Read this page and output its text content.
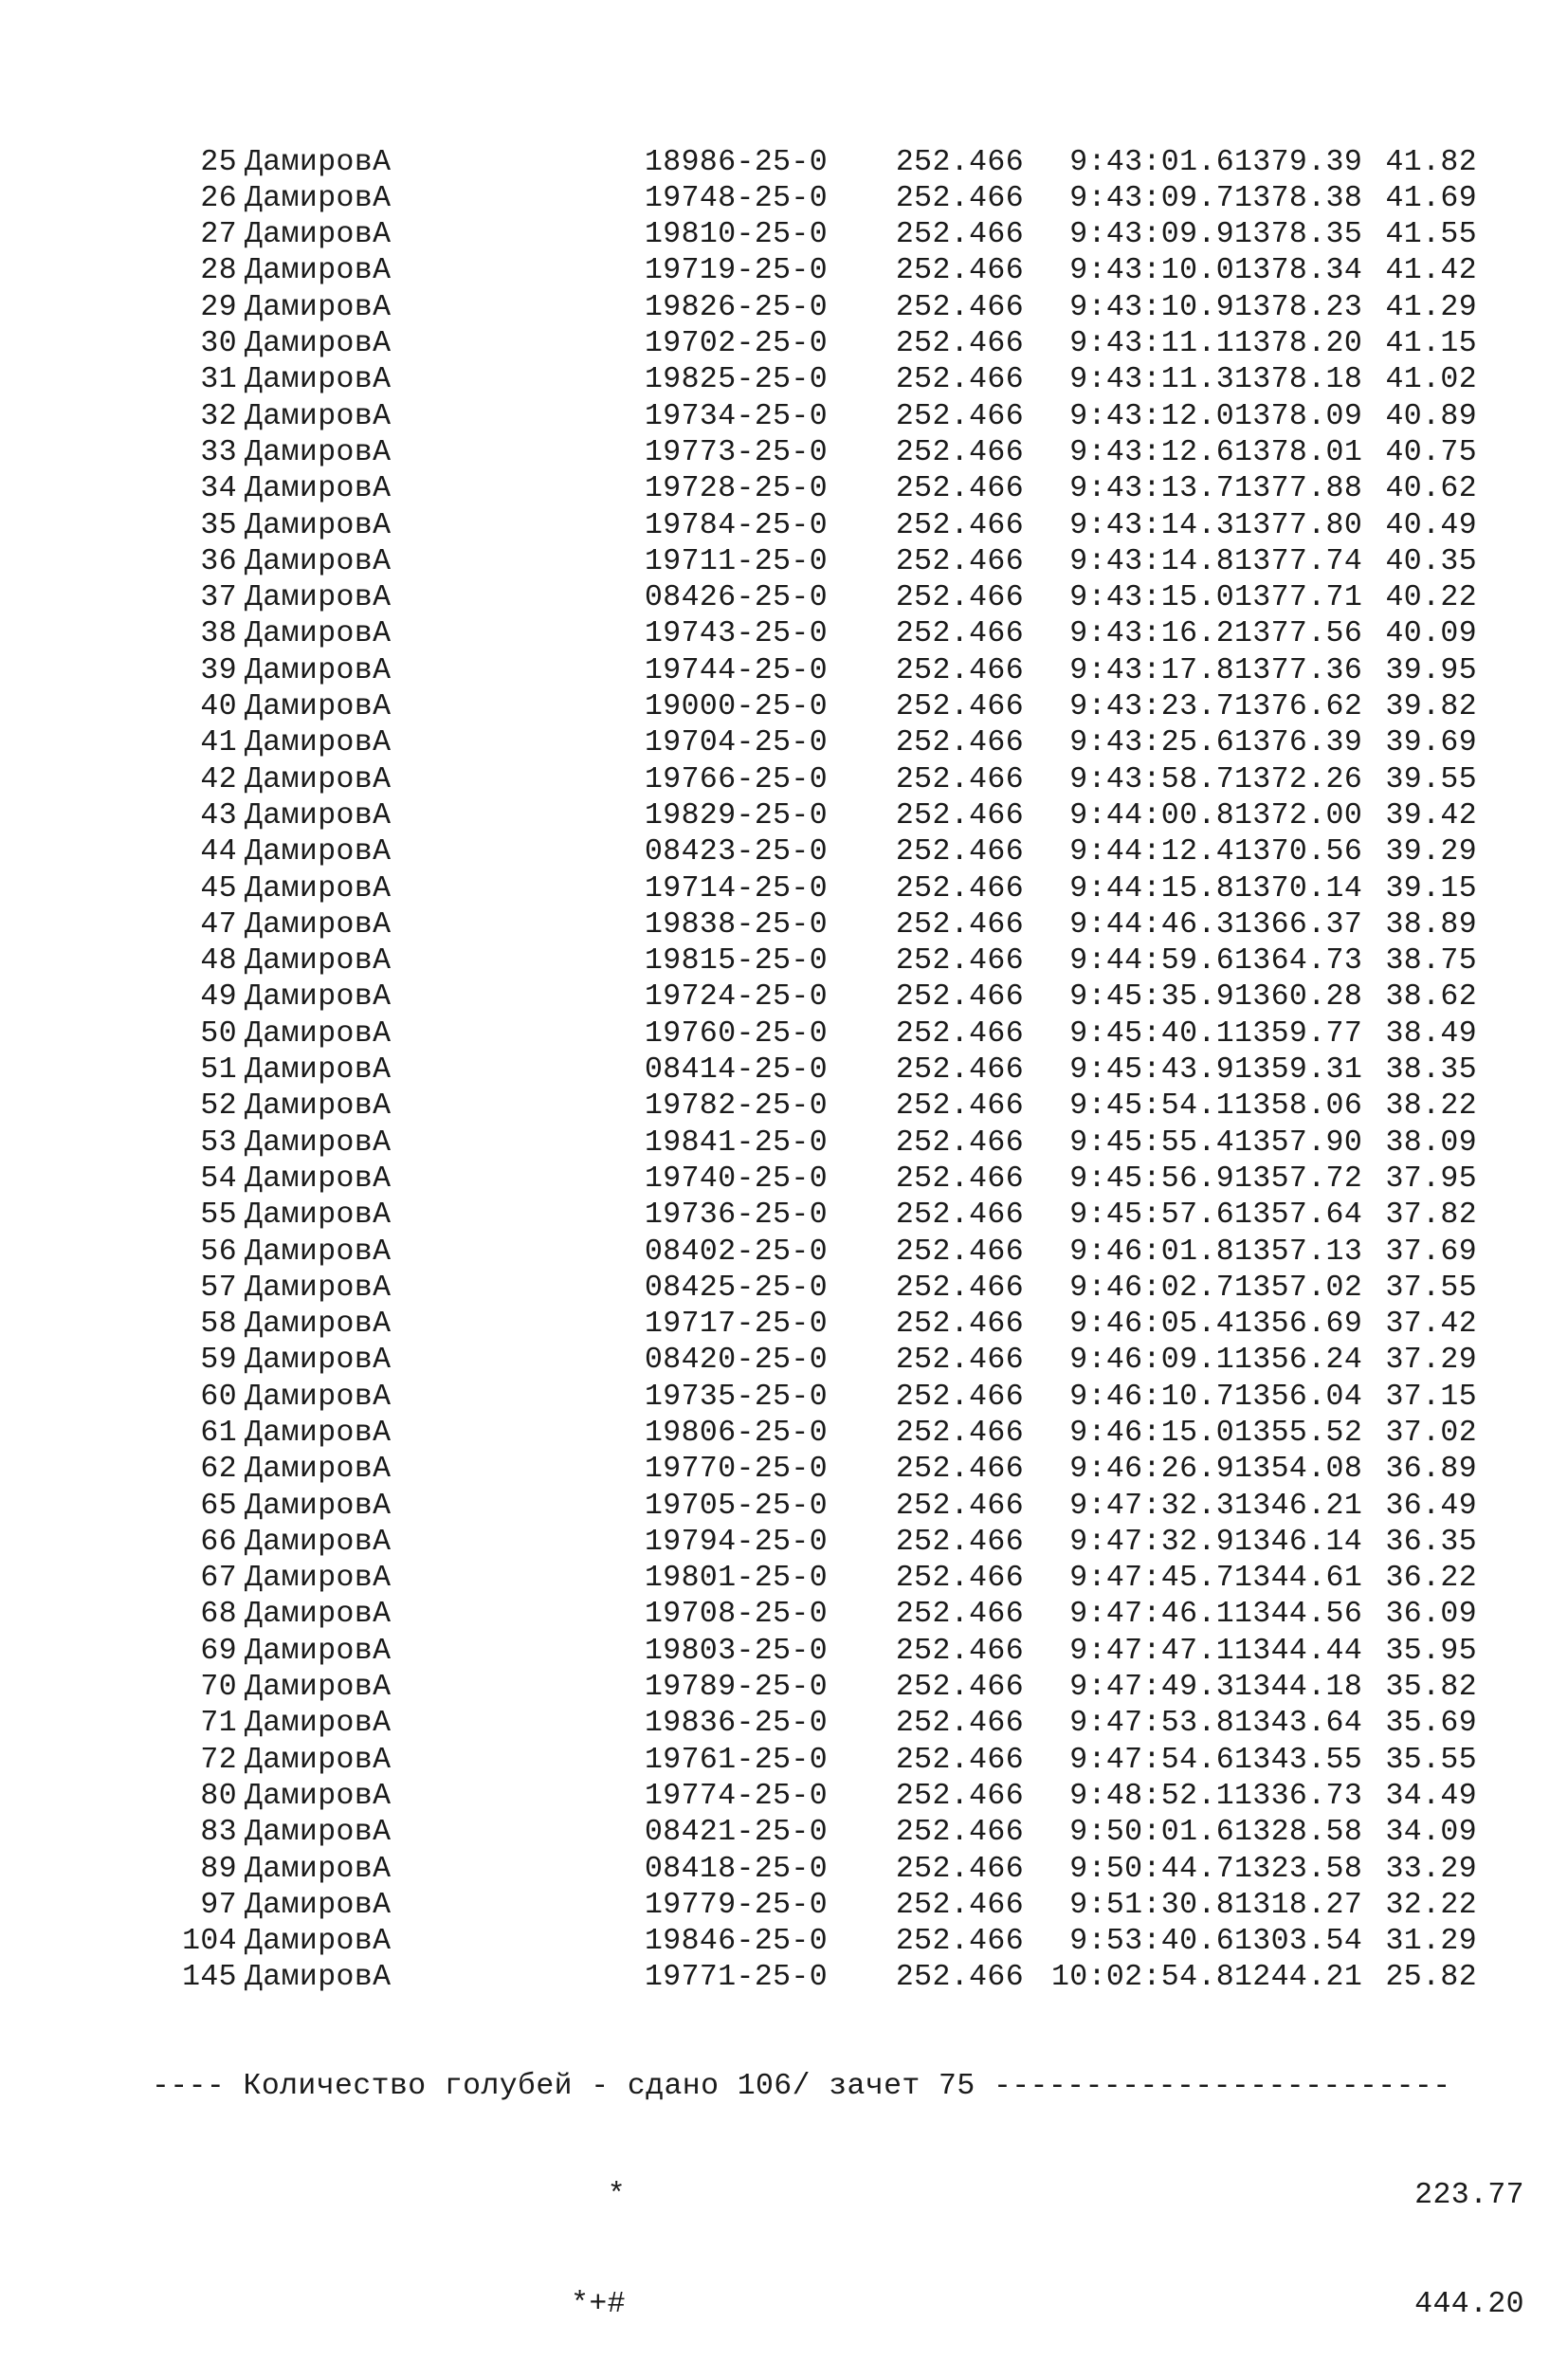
25 ДамировА	18986-25-0 252.466 9:43:01.61379.39 41.82
26 ДамировА	19748-25-0 252.466 9:43:09.71378.38 41.69
27 ДамировА	19810-25-0 252.466 9:43:09.91378.35 41.55
28 ДамировА	19719-25-0 252.466 9:43:10.01378.34 41.42
29 ДамировА	19826-25-0 252.466 9:43:10.91378.23 41.29
30 ДамировА	19702-25-0 252.466 9:43:11.11378.20 41.15
31 ДамировА	19825-25-0 252.466 9:43:11.31378.18 41.02
32 ДамировА	19734-25-0 252.466 9:43:12.01378.09 40.89
33 ДамировА	19773-25-0 252.466 9:43:12.61378.01 40.75
34 ДамировА	19728-25-0 252.466 9:43:13.71377.88 40.62
35 ДамировА	19784-25-0 252.466 9:43:14.31377.80 40.49
36 ДамировА	19711-25-0 252.466 9:43:14.81377.74 40.35
37 ДамировА	08426-25-0 252.466 9:43:15.01377.71 40.22
38 ДамировА	19743-25-0 252.466 9:43:16.21377.56 40.09
39 ДамировА	19744-25-0 252.466 9:43:17.81377.36 39.95
40 ДамировА	19000-25-0 252.466 9:43:23.71376.62 39.82
41 ДамировА	19704-25-0 252.466 9:43:25.61376.39 39.69
42 ДамировА	19766-25-0 252.466 9:43:58.71372.26 39.55
43 ДамировА	19829-25-0 252.466 9:44:00.81372.00 39.42
44 ДамировА	08423-25-0 252.466 9:44:12.41370.56 39.29
45 ДамировА	19714-25-0 252.466 9:44:15.81370.14 39.15
47 ДамировА	19838-25-0 252.466 9:44:46.31366.37 38.89
48 ДамировА	19815-25-0 252.466 9:44:59.61364.73 38.75
49 ДамировА	19724-25-0 252.466 9:45:35.91360.28 38.62
50 ДамировА	19760-25-0 252.466 9:45:40.11359.77 38.49
51 ДамировА	08414-25-0 252.466 9:45:43.91359.31 38.35
52 ДамировА	19782-25-0 252.466 9:45:54.11358.06 38.22
53 ДамировА	19841-25-0 252.466 9:45:55.41357.90 38.09
54 ДамировА	19740-25-0 252.466 9:45:56.91357.72 37.95
55 ДамировА	19736-25-0 252.466 9:45:57.61357.64 37.82
56 ДамировА	08402-25-0 252.466 9:46:01.81357.13 37.69
57 ДамировА	08425-25-0 252.466 9:46:02.71357.02 37.55
58 ДамировА	19717-25-0 252.466 9:46:05.41356.69 37.42
59 ДамировА	08420-25-0 252.466 9:46:09.11356.24 37.29
60 ДамировА	19735-25-0 252.466 9:46:10.71356.04 37.15
61 ДамировА	19806-25-0 252.466 9:46:15.01355.52 37.02
62 ДамировА	19770-25-0 252.466 9:46:26.91354.08 36.89
65 ДамировА	19705-25-0 252.466 9:47:32.31346.21 36.49
66 ДамировА	19794-25-0 252.466 9:47:32.91346.14 36.35
67 ДамировА	19801-25-0 252.466 9:47:45.71344.61 36.22
68 ДамировА	19708-25-0 252.466 9:47:46.11344.56 36.09
69 ДамировА	19803-25-0 252.466 9:47:47.11344.44 35.95
70 ДамировА	19789-25-0 252.466 9:47:49.31344.18 35.82
71 ДамировА	19836-25-0 252.466 9:47:53.81343.64 35.69
72 ДамировА	19761-25-0 252.466 9:47:54.61343.55 35.55
80 ДамировА	19774-25-0 252.466 9:48:52.11336.73 34.49
83 ДамировА	08421-25-0 252.466 9:50:01.61328.58 34.09
89 ДамировА	08418-25-0 252.466 9:50:44.71323.58 33.29
97 ДамировА	19779-25-0 252.466 9:51:30.81318.27 32.22
104 ДамировА	19846-25-0 252.466 9:53:40.61303.54 31.29
145 ДамировА	19771-25-0 252.466 10:02:54.81244.21 25.82

---- Количество голубей - сдано 106/ зачет 75 -------------------------

*	223.77

*+#	444.20
